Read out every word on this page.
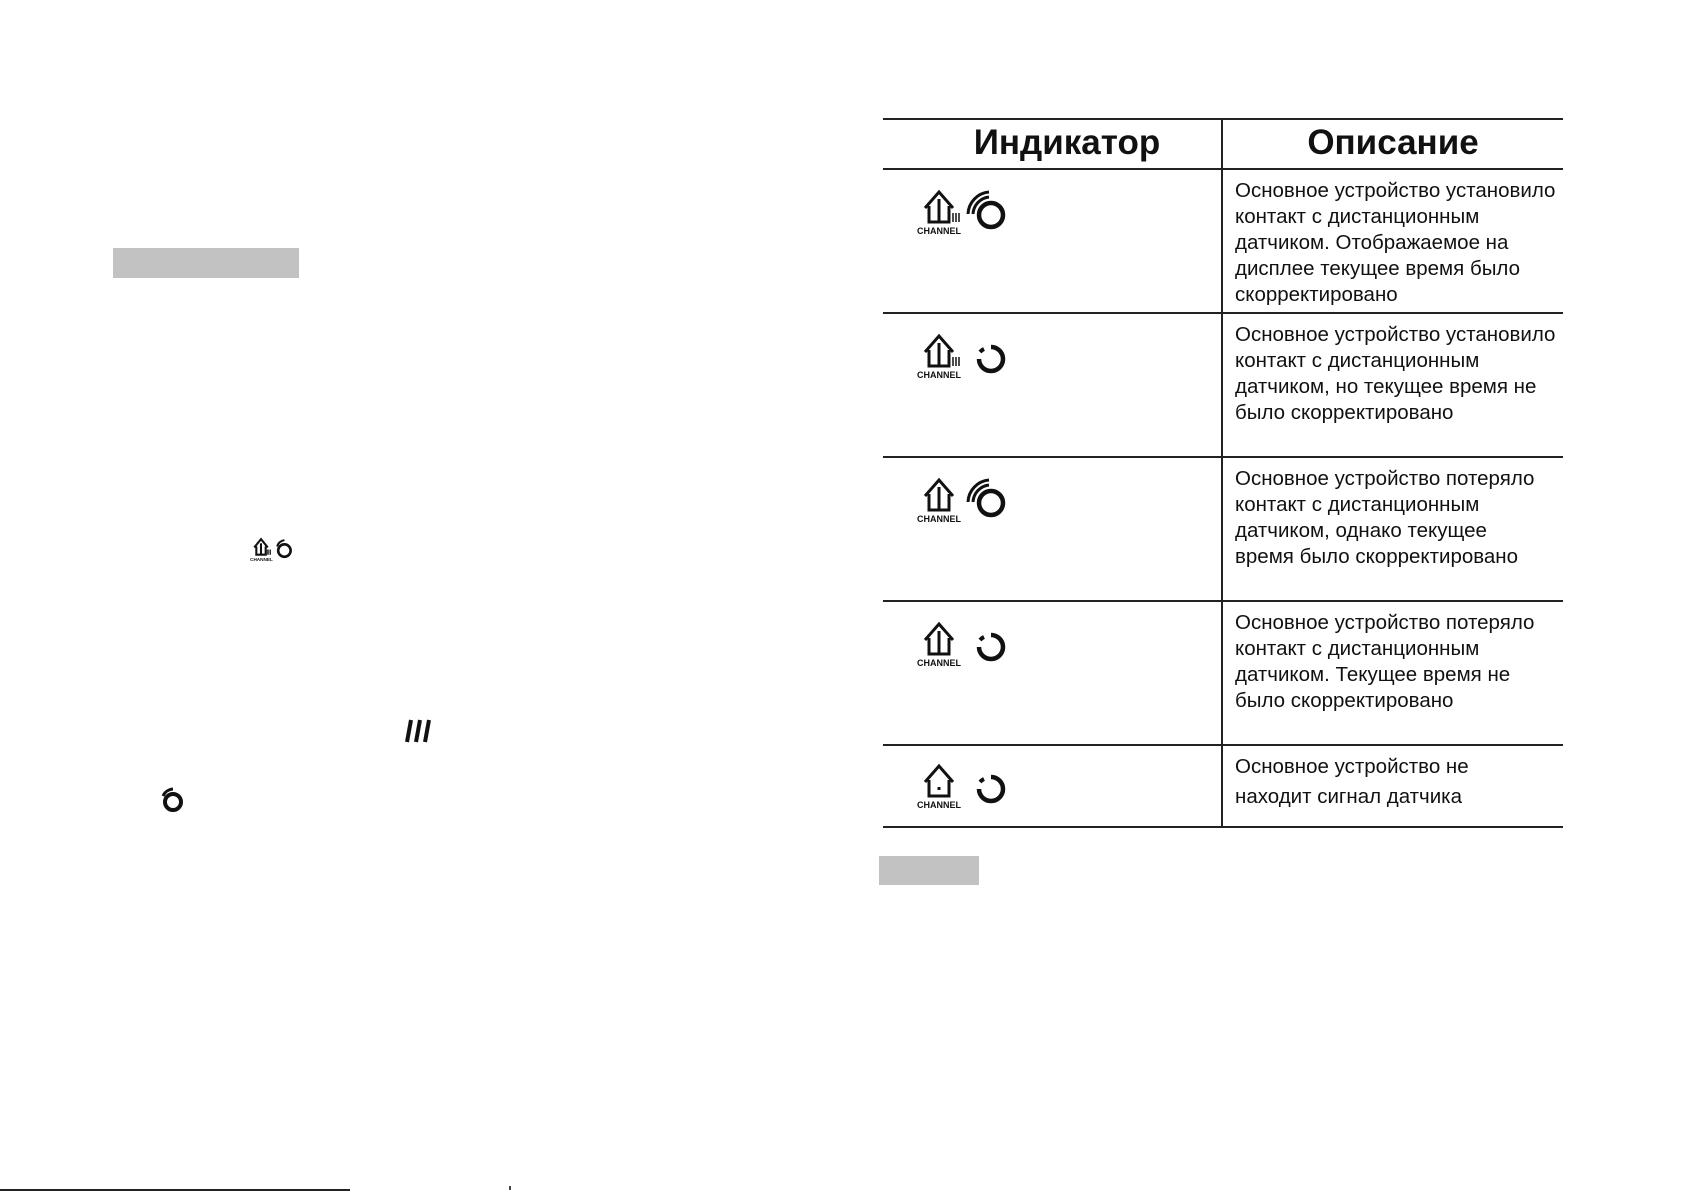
CHANNEL
Индикатор	Описание
CHANNEL
Основное устройство установило
контакт с дистанционным
датчиком. Отображаемое на
дисплее текущее время было
скорректировано
CHANNEL
Основное устройство установило
контакт с дистанционным
датчиком, но текущее время не
было скорректировано
CHANNEL
Основное устройство потеряло
контакт с дистанционным
датчиком, однако текущее
время было скорректировано
CHANNEL
Основное устройство потеряло
контакт с дистанционным
датчиком. Текущее время не
было скорректировано
CHANNEL
Основное устройство не
находит сигнал датчика
